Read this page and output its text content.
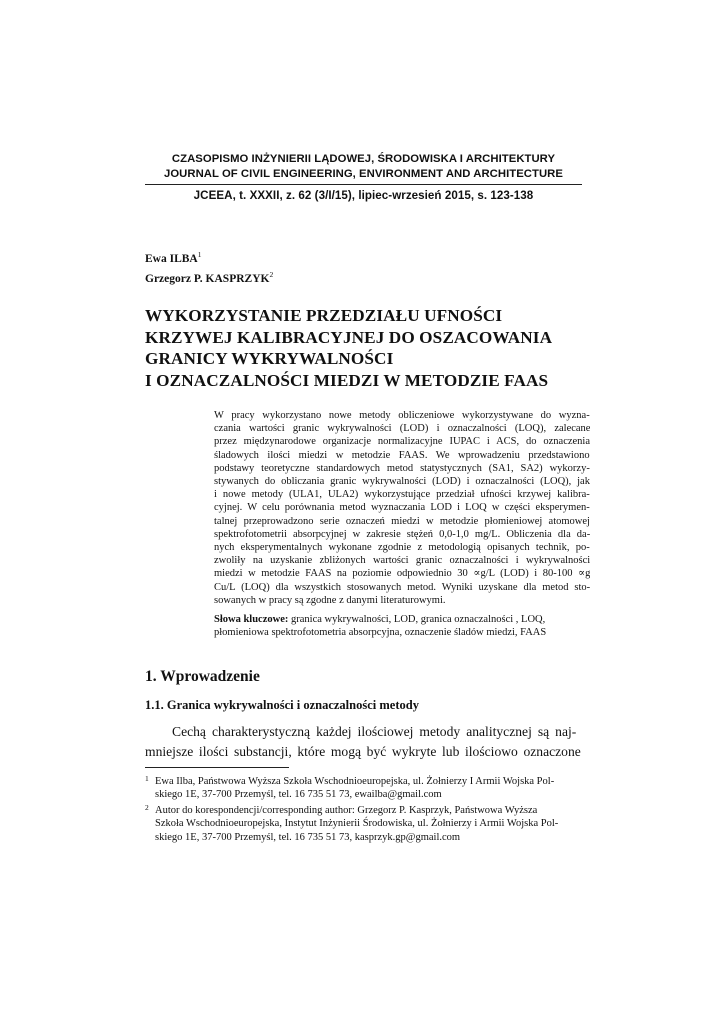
CZASOPISMO INŻYNIERII LĄDOWEJ, ŚRODOWISKA I ARCHITEKTURY
JOURNAL OF CIVIL ENGINEERING, ENVIRONMENT AND ARCHITECTURE
JCEEA, t. XXXII, z. 62 (3/I/15), lipiec-wrzesień 2015, s. 123-138
Ewa ILBA$^1$
Grzegorz P. KASPRZYK$^2$
WYKORZYSTANIE PRZEDZIAŁU UFNOŚCI
KRZYWEJ KALIBRACYJNEJ DO OSZACOWANIA
GRANICY WYKRYWALNOŚCI
I OZNACZALNOŚCI MIEDZI W METODZIE FAAS
W pracy wykorzystano nowe metody obliczeniowe wykorzystywane do wyzna-
czania wartości granic wykrywalności (LOD) i oznaczalności (LOQ), zalecane
przez międzynarodowe organizacje normalizacyjne IUPAC i ACS, do oznaczenia
śladowych ilości miedzi w metodzie FAAS. We wprowadzeniu przedstawiono
podstawy teoretyczne standardowych metod statystycznych (SA1, SA2) wykorzy-
stywanych do obliczania granic wykrywalności (LOD) i oznaczalności (LOQ), jak
i nowe metody (ULA1, ULA2) wykorzystujące przedział ufności krzywej kalibra-
cyjnej. W celu porównania metod wyznaczania LOD i LOQ w części eksperymen-
talnej przeprowadzono serie oznaczeń miedzi w metodzie płomieniowej atomowej
spektrofotometrii absorpcyjnej w zakresie stężeń 0,0-1,0 mg/L. Obliczenia dla da-
nych eksperymentalnych wykonane zgodnie z metodologią opisanych technik, po-
zwoliły na uzyskanie zbliżonych wartości granic oznaczalności i wykrywalności
miedzi w metodzie FAAS na poziomie odpowiednio 30 ∝g/L (LOD) i 80-100 ∝g
Cu/L (LOQ) dla wszystkich stosowanych metod. Wyniki uzyskane dla metod sto-
sowanych w pracy są zgodne z danymi literaturowymi.
Słowa kluczowe: granica wykrywalności, LOD, granica oznaczalności , LOQ,
płomieniowa spektrofotometria absorpcyjna, oznaczenie śladów miedzi, FAAS
1. Wprowadzenie
1.1. Granica wykrywalności i oznaczalności metody
Cechą charakterystyczną każdej ilościowej metody analitycznej są naj-
mniejsze ilości substancji, które mogą być wykryte lub ilościowo oznaczone
1 Ewa Ilba, Państwowa Wyższa Szkoła Wschodnioeuropejska, ul. Żołnierzy I Armii Wojska Pol-
skiego 1E, 37-700 Przemyśl, tel. 16 735 51 73, ewailba@gmail.com
2 Autor do korespondencji/corresponding author: Grzegorz P. Kasprzyk, Państwowa Wyższa
Szkoła Wschodnioeuropejska, Instytut Inżynierii Środowiska, ul. Żołnierzy i Armii Wojska Pol-
skiego 1E, 37-700 Przemyśl, tel. 16 735 51 73, kasprzyk.gp@gmail.com
